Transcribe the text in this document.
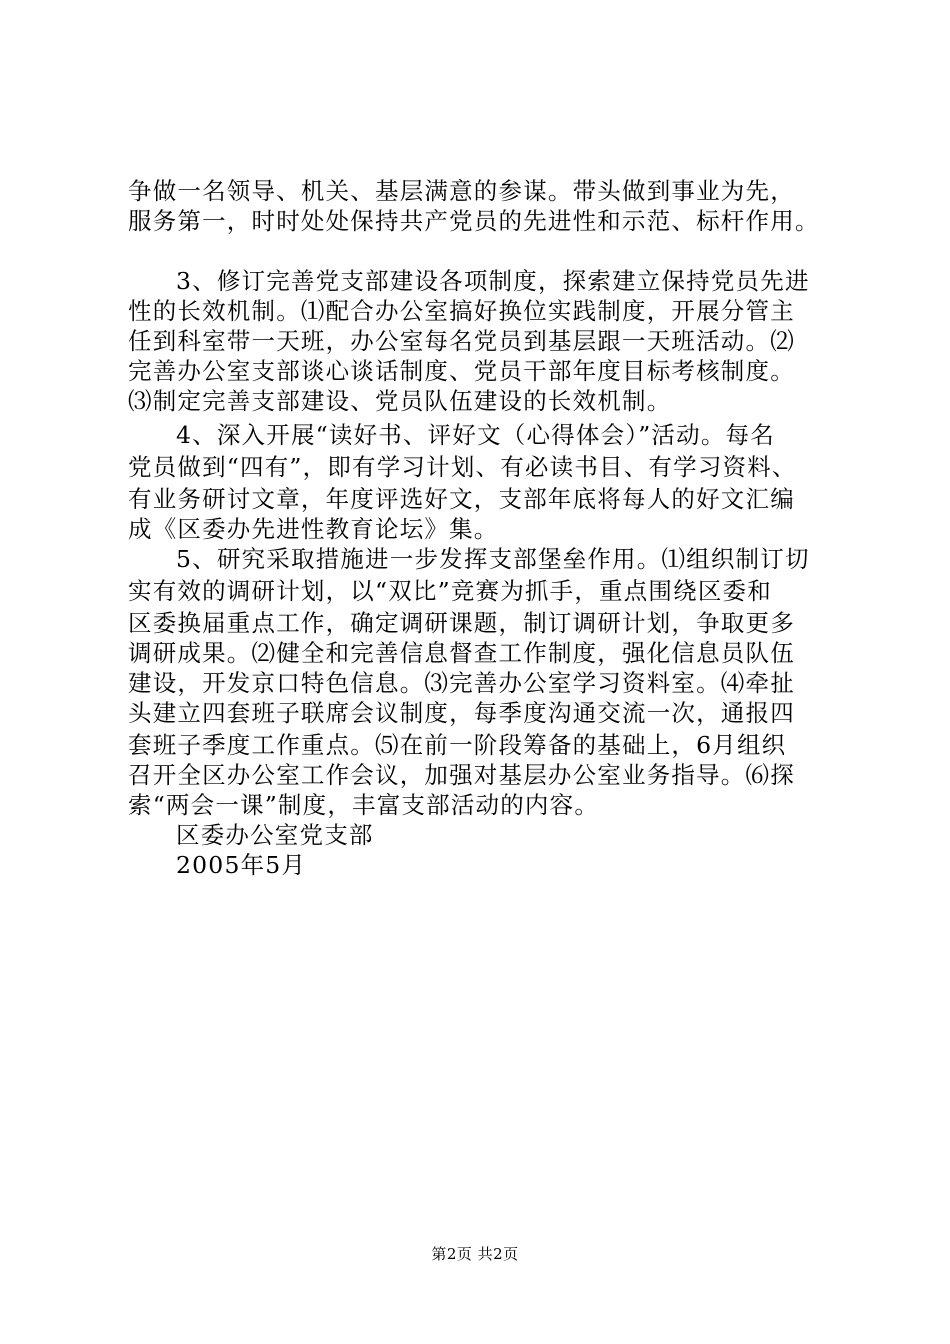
争做一名领导、机关、基层满意的参谋。带头做到事业为先，
服务第一，时时处处保持共产党员的先进性和示范、标杆作用。
3、修订完善党支部建设各项制度，探索建立保持党员先进
性的长效机制。⑴配合办公室搞好换位实践制度，开展分管主
任到科室带一天班，办公室每名党员到基层跟一天班活动。⑵
完善办公室支部谈心谈话制度、党员干部年度目标考核制度。
⑶制定完善支部建设、党员队伍建设的长效机制。
4、深入开展“读好书、评好文（心得体会）”活动。每名
党员做到“四有”，即有学习计划、有必读书目、有学习资料、
有业务研讨文章，年度评选好文，支部年底将每人的好文汇编
成《区委办先进性教育论坛》集。
5、研究采取措施进一步发挥支部堡垒作用。⑴组织制订切
实有效的调研计划，以“双比”竞赛为抓手，重点围绕区委和
区委换届重点工作，确定调研课题，制订调研计划，争取更多
调研成果。⑵健全和完善信息督查工作制度，强化信息员队伍
建设，开发京口特色信息。⑶完善办公室学习资料室。⑷牵扯
头建立四套班子联席会议制度，每季度沟通交流一次，通报四
套班子季度工作重点。⑸在前一阶段筹备的基础上，6月组织
召开全区办公室工作会议，加强对基层办公室业务指导。⑹探
索“两会一课”制度，丰富支部活动的内容。
区委办公室党支部
2005年5月
第2页 共2页
